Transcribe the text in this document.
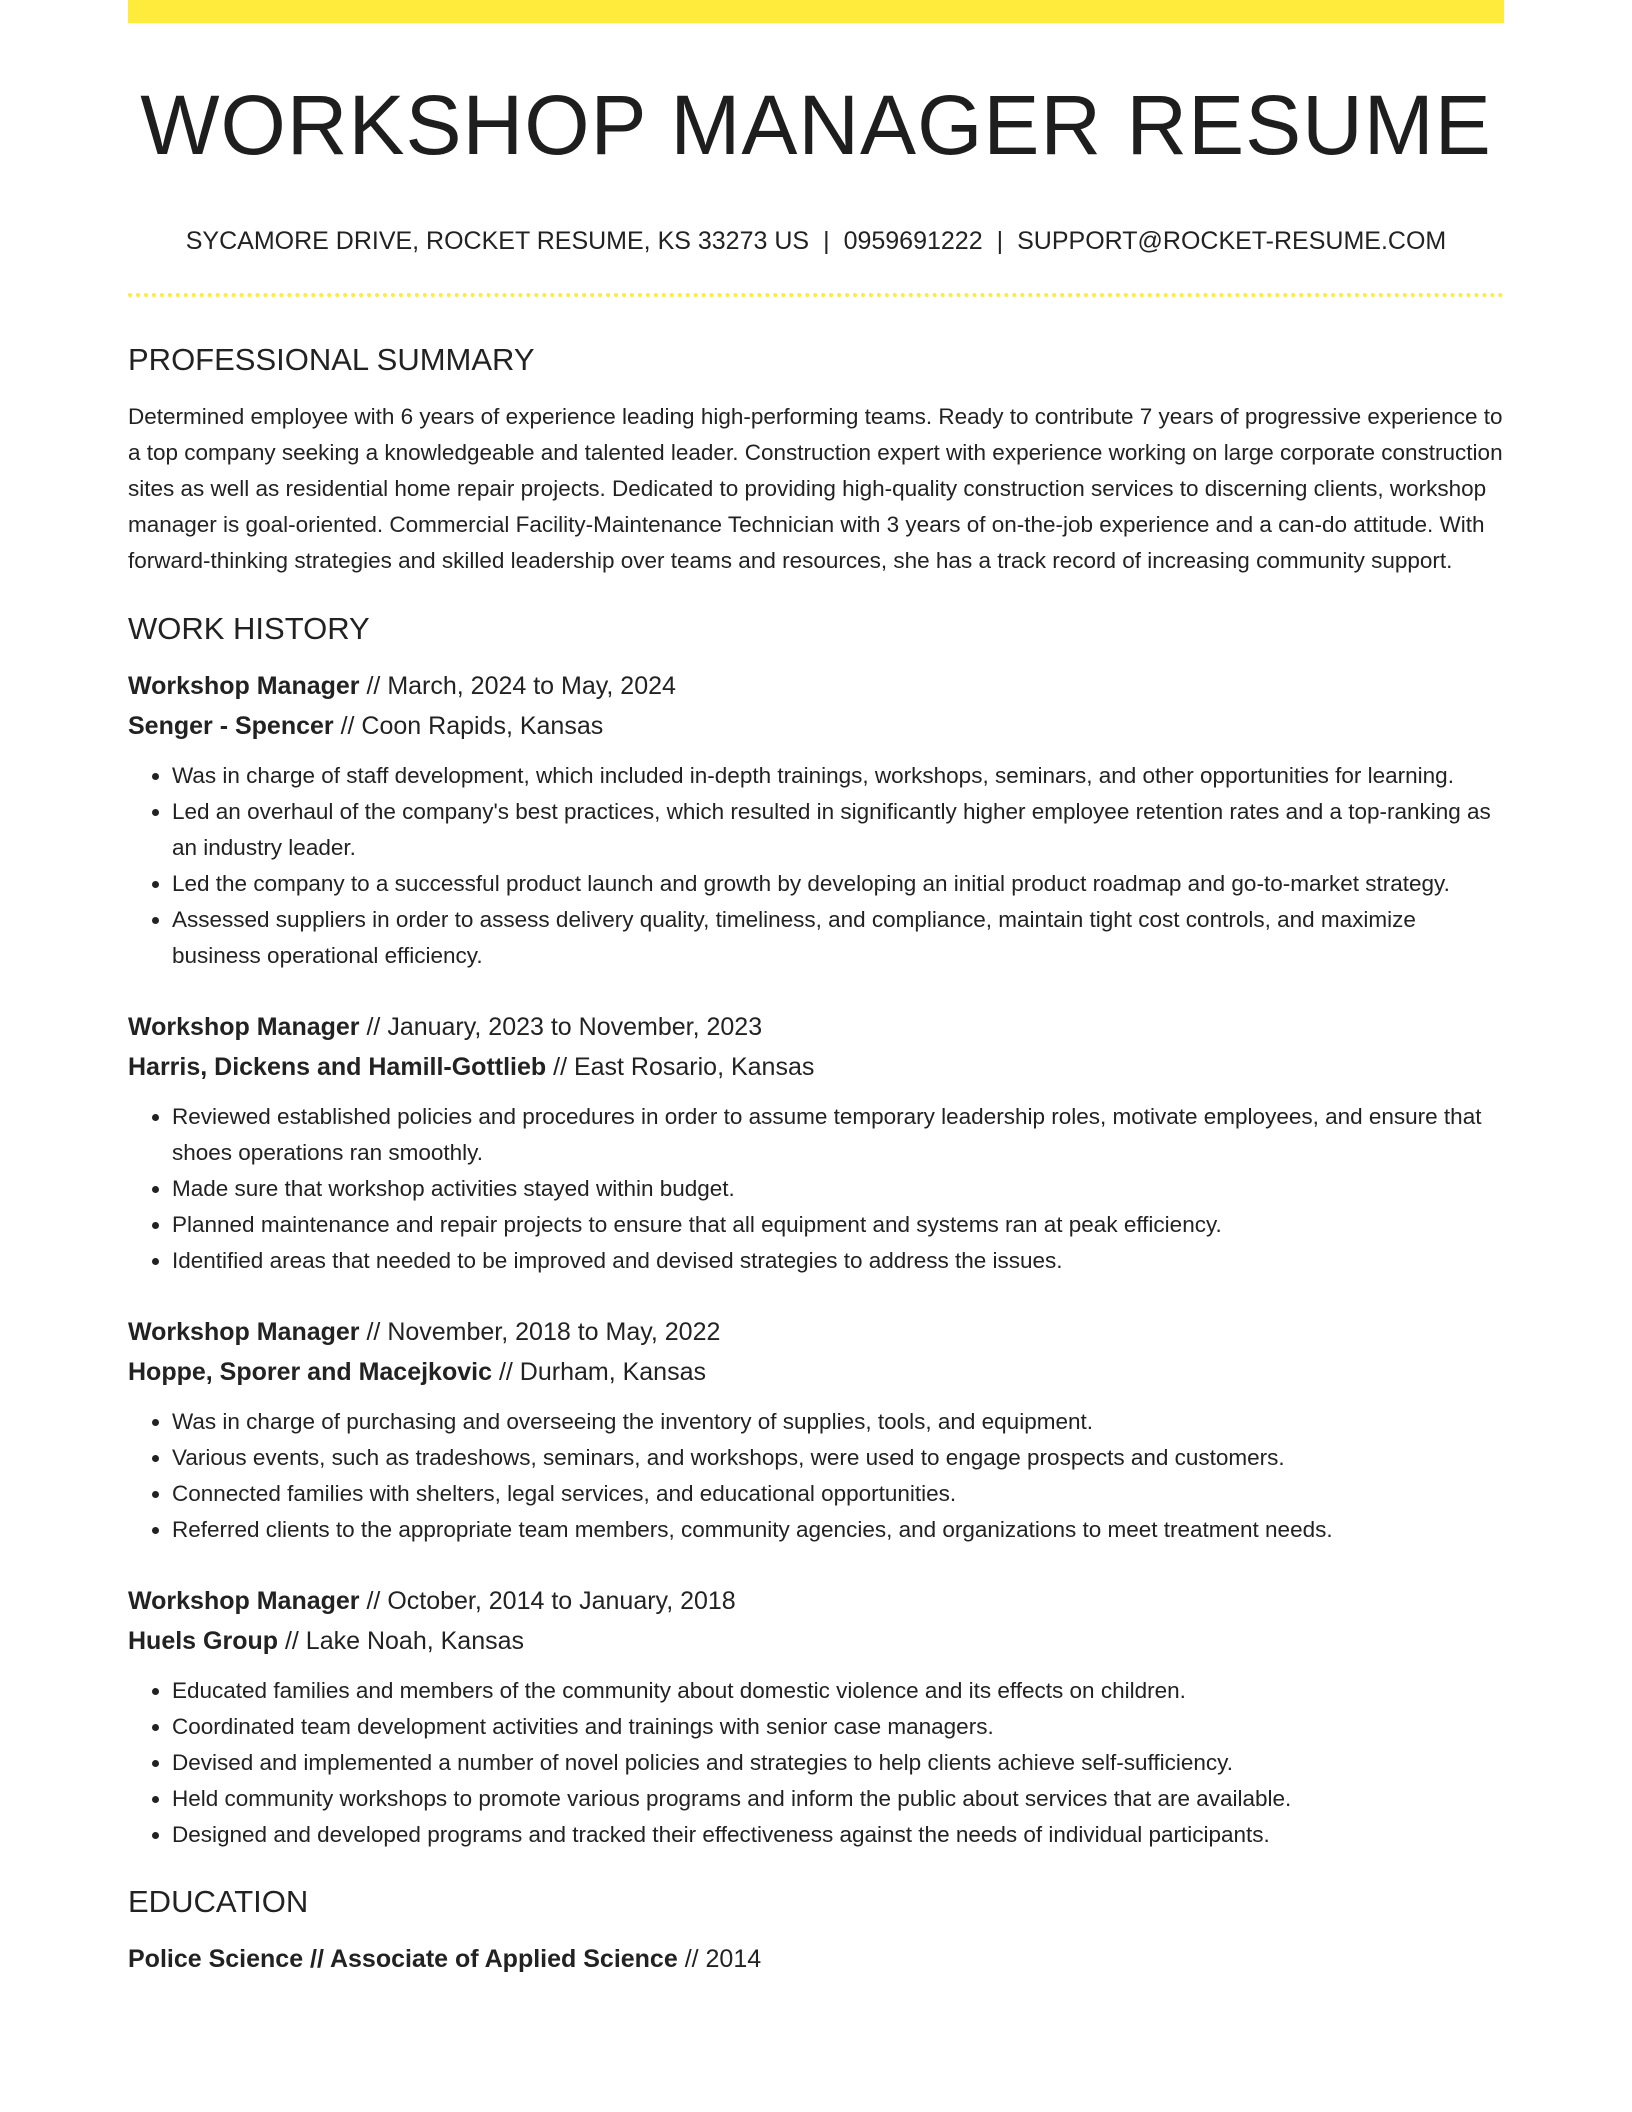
WORKSHOP MANAGER RESUME
SYCAMORE DRIVE, ROCKET RESUME, KS 33273 US | 0959691222 | SUPPORT@ROCKET-RESUME.COM
PROFESSIONAL SUMMARY
Determined employee with 6 years of experience leading high-performing teams. Ready to contribute 7 years of progressive experience to a top company seeking a knowledgeable and talented leader. Construction expert with experience working on large corporate construction sites as well as residential home repair projects. Dedicated to providing high-quality construction services to discerning clients, workshop manager is goal-oriented. Commercial Facility-Maintenance Technician with 3 years of on-the-job experience and a can-do attitude. With forward-thinking strategies and skilled leadership over teams and resources, she has a track record of increasing community support.
WORK HISTORY
Workshop Manager // March, 2024 to May, 2024
Senger - Spencer // Coon Rapids, Kansas
• Was in charge of staff development, which included in-depth trainings, workshops, seminars, and other opportunities for learning.
• Led an overhaul of the company's best practices, which resulted in significantly higher employee retention rates and a top-ranking as an industry leader.
• Led the company to a successful product launch and growth by developing an initial product roadmap and go-to-market strategy.
• Assessed suppliers in order to assess delivery quality, timeliness, and compliance, maintain tight cost controls, and maximize business operational efficiency.
Workshop Manager // January, 2023 to November, 2023
Harris, Dickens and Hamill-Gottlieb // East Rosario, Kansas
• Reviewed established policies and procedures in order to assume temporary leadership roles, motivate employees, and ensure that shoes operations ran smoothly.
• Made sure that workshop activities stayed within budget.
• Planned maintenance and repair projects to ensure that all equipment and systems ran at peak efficiency.
• Identified areas that needed to be improved and devised strategies to address the issues.
Workshop Manager // November, 2018 to May, 2022
Hoppe, Sporer and Macejkovic // Durham, Kansas
• Was in charge of purchasing and overseeing the inventory of supplies, tools, and equipment.
• Various events, such as tradeshows, seminars, and workshops, were used to engage prospects and customers.
• Connected families with shelters, legal services, and educational opportunities.
• Referred clients to the appropriate team members, community agencies, and organizations to meet treatment needs.
Workshop Manager // October, 2014 to January, 2018
Huels Group // Lake Noah, Kansas
• Educated families and members of the community about domestic violence and its effects on children.
• Coordinated team development activities and trainings with senior case managers.
• Devised and implemented a number of novel policies and strategies to help clients achieve self-sufficiency.
• Held community workshops to promote various programs and inform the public about services that are available.
• Designed and developed programs and tracked their effectiveness against the needs of individual participants.
EDUCATION
Police Science // Associate of Applied Science // 2014
